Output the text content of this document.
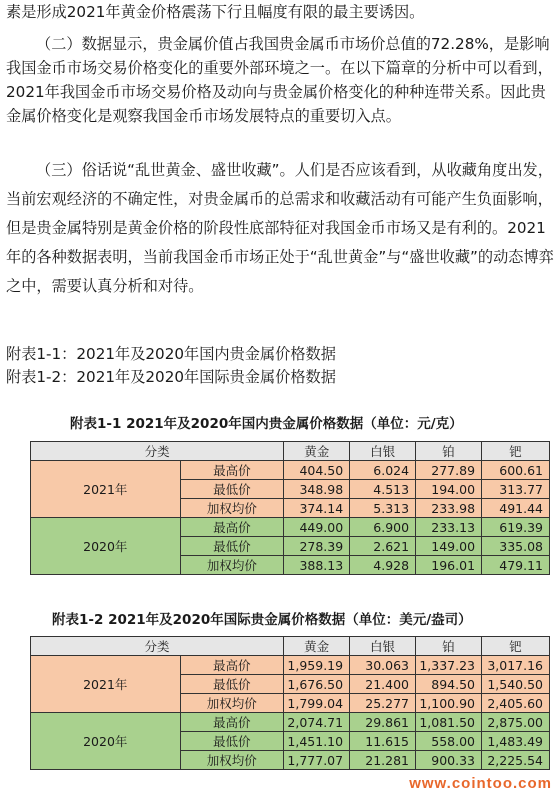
素是形成2021年黄金价格震荡下行且幅度有限的最主要诱因。

（二）数据显示，贵金属价值占我国贵金属币市场价总值的72.28%，是影响我国金币市场交易价格变化的重要外部环境之一。在以下篇章的分析中可以看到，2021年我国金币市场交易价格及动向与贵金属价格变化的种种连带关系。因此贵金属价格变化是观察我国金币市场发展特点的重要切入点。

（三）俗话说“乱世黄金、盛世收藏”。人们是否应该看到，从收藏角度出发，当前宏观经济的不确定性，对贵金属币的总需求和收藏活动有可能产生负面影响，但是贵金属特别是黄金价格的阶段性底部特征对我国金币市场又是有利的。2021年的各种数据表明，当前我国金币市场正处于“乱世黄金”与“盛世收藏”的动态博弈之中，需要认真分析和对待。

附表1-1：2021年及2020年国内贵金属价格数据
附表1-2：2021年及2020年国际贵金属价格数据
附表1-1 2021年及2020年国内贵金属价格数据（单位：元/克）
分类		黄金	白银	铂	钯
2021年	最高价	404.50	6.024	277.89	600.61
	最低价	348.98	4.513	194.00	313.77
	加权均价	374.14	5.313	233.98	491.44
2020年	最高价	449.00	6.900	233.13	619.39
	最低价	278.39	2.621	149.00	335.08
	加权均价	388.13	4.928	196.01	479.11
附表1-2 2021年及2020年国际贵金属价格数据（单位：美元/盎司）
分类		黄金	白银	铂	钯
2021年	最高价	1,959.19	30.063	1,337.23	3,017.16
	最低价	1,676.50	21.400	894.50	1,540.50
	加权均价	1,799.04	25.277	1,100.90	2,405.60
2020年	最高价	2,074.71	29.861	1,081.50	2,875.00
	最低价	1,451.10	11.615	558.00	1,483.49
	加权均价	1,777.07	21.281	900.33	2,225.54
www.cointoo.com
